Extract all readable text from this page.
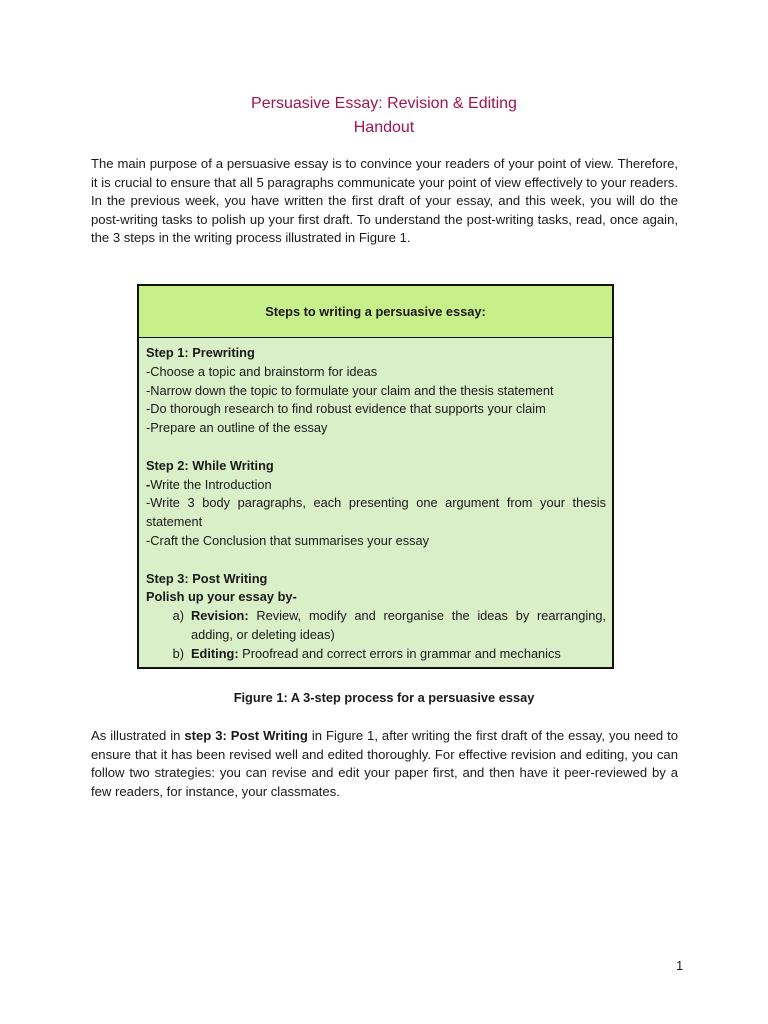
Persuasive Essay: Revision & Editing
Handout
The main purpose of a persuasive essay is to convince your readers of your point of view. Therefore, it is crucial to ensure that all 5 paragraphs communicate your point of view effectively to your readers. In the previous week, you have written the first draft of your essay, and this week, you will do the post-writing tasks to polish up your first draft. To understand the post-writing tasks, read, once again, the 3 steps in the writing process illustrated in Figure 1.
Steps to writing a persuasive essay:
Step 1: Prewriting
-Choose a topic and brainstorm for ideas
-Narrow down the topic to formulate your claim and the thesis statement
-Do thorough research to find robust evidence that supports your claim
-Prepare an outline of the essay
Step 2: While Writing
-Write the Introduction
-Write 3 body paragraphs, each presenting one argument from your thesis statement
-Craft the Conclusion that summarises your essay
Step 3: Post Writing
Polish up your essay by-
a) Revision: Review, modify and reorganise the ideas by rearranging, adding, or deleting ideas)
b) Editing: Proofread and correct errors in grammar and mechanics
Figure 1: A 3-step process for a persuasive essay
As illustrated in step 3: Post Writing in Figure 1, after writing the first draft of the essay, you need to ensure that it has been revised well and edited thoroughly. For effective revision and editing, you can follow two strategies: you can revise and edit your paper first, and then have it peer-reviewed by a few readers, for instance, your classmates.
1
